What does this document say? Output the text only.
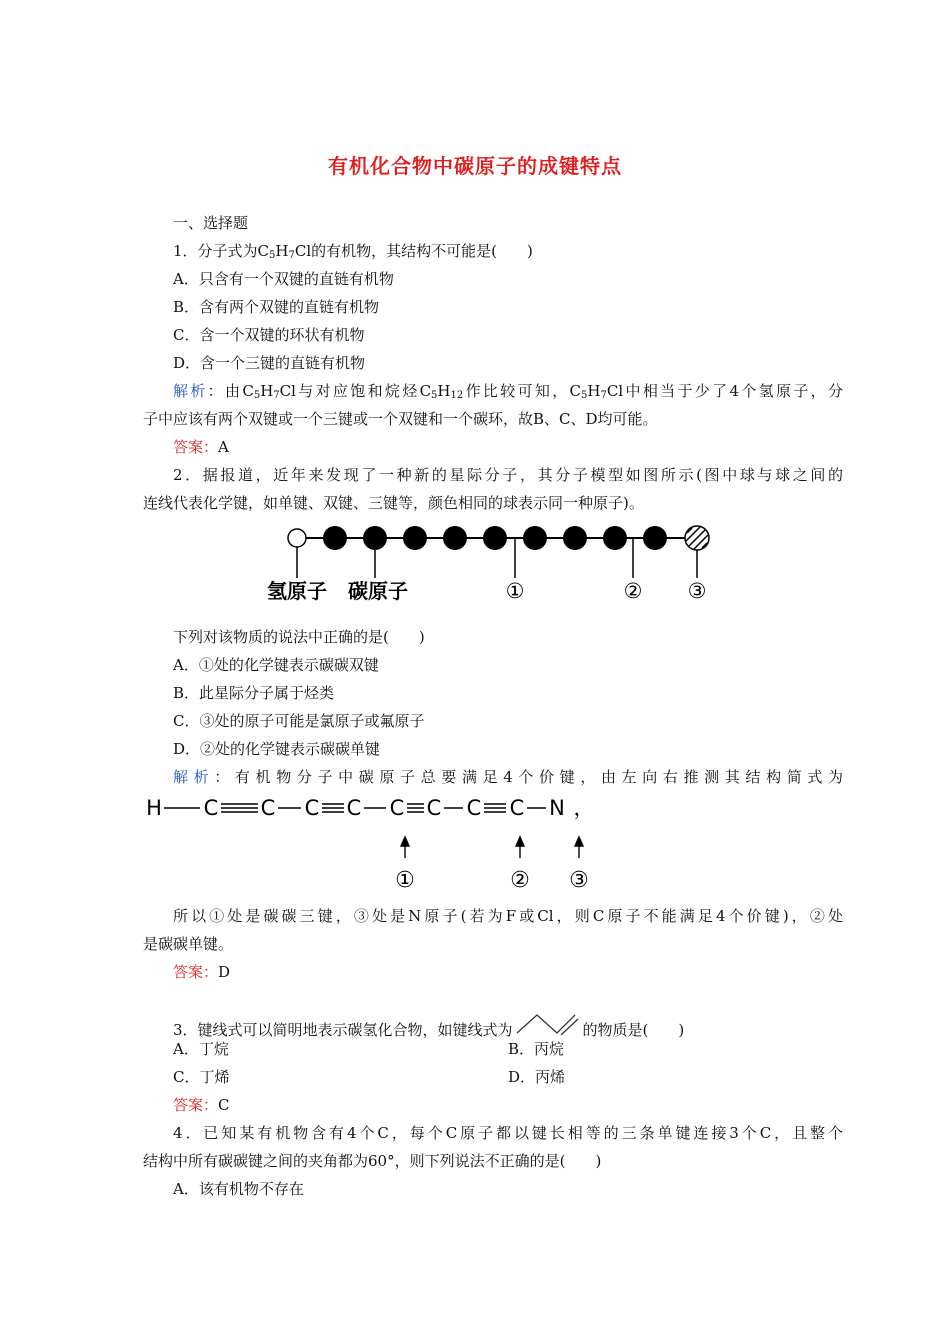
有机化合物中碳原子的成键特点
一、选择题
1．分子式为$C_5H_7Cl$的有机物，其结构不可能是(　　)
A．只含有一个双键的直链有机物
B．含有两个双键的直链有机物
C．含一个双键的环状有机物
D．含一个三键的直链有机物
解析：由$C_5H_7Cl$与对应饱和烷烃$C_5H_{12}$作比较可知，$C_5H_7Cl$中相当于少了4个氢原子，分
子中应该有两个双键或一个三键或一个双键和一个碳环，故B、C、D均可能。
答案：A
2．据报道，近年来发现了一种新的星际分子，其分子模型如图所示(图中球与球之间的
连线代表化学键，如单键、双键、三键等，颜色相同的球表示同一种原子)。
氢原子 碳原子	①	② ③
下列对该物质的说法中正确的是(　　)
A．①处的化学键表示碳碳双键
B．此星际分子属于烃类
C．③处的原子可能是氯原子或氟原子
D．②处的化学键表示碳碳单键
解析：有机物分子中碳原子总要满足4个价键，由左向右推测其结构简式为
H C C C C C C C C N ，
①	② ③
所以①处是碳碳三键，③处是N原子(若为F或Cl，则C原子不能满足4个价键)，②处
是碳碳单键。
答案：D
3．键线式可以简明地表示碳氢化合物，如键线式为	的物质是(　　)
A．丁烷	B．丙烷
C．丁烯	D．丙烯
答案：C
4．已知某有机物含有4个C，每个C原子都以键长相等的三条单键连接3个C，且整个
结构中所有碳碳键之间的夹角都为60°，则下列说法不正确的是(　　)
A．该有机物不存在
